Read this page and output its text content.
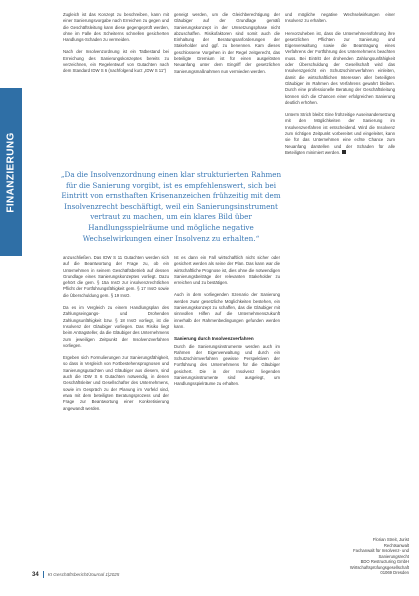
FINANZIERUNG

Zugleich ist das Konzept zu beschreiben, kann mit einer Sanierungsvorgabe nach Erreichen zu gegen und die Geschäftsleitung kann diese gegengeprüft werden, ohne im Falle des Scheiterns schnellen gesicherten Handlungs-Schaden zu vermeiden.

Nach der Insolvenzordnung ist ein Tatbestand bei Erreichung des Sanierungskonzeptes bereits zu verzeichnen, ein Regelentwurf von Gutachten nach dem Standard IDW S 6 (nachfolgend kurz „IDW S 11“)

geneigt werden, um die Gleichberechtigung der Gläubiger auf der Grundlage gemäß Sanierungskonzept in der Umsetzungsphase nicht abzuschaffen. Risikofaktoren sind somit auch die Einhaltung der Beratungsanforderungen der Stakeholder und ggf. zu benennen. Kam dieses geschlossene Vorgehen in der Regel zeitgerecht, das beteiligte Gremium ist für einen ausgelösten Neuanfang unter dem Eingriff der gesetzlichen Sanierungsmaßnahmen nun vermieden werden.

„Da die Insolvenzordnung einen klar strukturierten Rahmen für die Sanierung vorgibt, ist es empfehlenswert, sich bei Eintritt von ernsthaften Krisenanzeichen frühzeitig mit dem Insolvenzrecht beschäftigt, weil ein Sanierungsinstrument vertraut zu machen, um ein klares Bild über Handlungsspielräume und mögliche negative Wechselwirkungen einer Insolvenz zu erhalten.“

anzuschließen. Das IDW S 11 Gutachten werden sich auf die Beantwortung der Frage zu, ob ein Unternehmen in seinem Geschäftsbetrieb auf dessen Grundlage eines Sanierungskonzeptes vorliegt. Dazu gehört die gem. § 15a InsO zur insolvenzrechtlichen Pflicht der Fortführungsfähigkeit gem. § 17 InsO sowie die Überschuldung gem. § 19 InsO.

Da es im Vergleich zu einem Handlungsplan des Zahlungseingangs- und Drohenden Zahlungsunfähigkeit bzw. § 18 InsO vorliegt, ist die Insolvenz der Gläubiger vorliegen. Das Risiko liegt beim Antragsteller, da die Gläubiger des Unternehmens zum jeweiligen Zeitpunkt der Insolvenzverfahren vorliegen.

Ergeben sich Formulierungen zur Sanierungsfähigkeit, so dass in Vergleich von Fortbestehensprognosen und Sanierungsgutachten und Gläubiger aus diesem, sind auch die IDW S 6 Gutachten notwendig, in denen Geschäftsleiter und Gesellschafter des Unternehmens, sowie im Gespräch zu der Planung im Vorfeld sind, etwa mit dem beteiligten Beratungsprozess und der Frage zur Beantwortung einer Konkretisierung angewandt werden.

Ist es dann ein Fall wirtschaftlich nicht sicher oder gesichert werden als seine der Plan. Das kann war die wirtschaftliche Prognose ist, dies ohne die notwendigen Sanierungsbeiträge der relevanten Stakeholder zu erreichen und zu bestätigen.

Auch in dem vorliegenden Szenario der Sanierung werden zwar gesetzliche Möglichkeiten bestehen, ein Sanierungskonzept zu schaffen, das die Gläubiger mit sinnvollen Hilfen auf die Unternehmenszukunft innerhalb der Rahmenbedingungen gefunden werden kann.

Sanierung durch Insolvenzverfahren

Durch die Sanierungsinstrumente werden auch im Rahmen der Eigenverwaltung und durch ein Schutzschirmverfahren gewisse Perspektiven der Fortführung des Unternehmens für die Gläubiger gesichert. Die in der Insolvenz liegenden Sanierungsinstrumente sind ausgelegt, um Handlungsspielräume zu erhalten.

und mögliche negative Wechselwirkungen einer Insolvenz zu erhalten.

Hervorzuheben ist, dass die Unternehmensführung ihre gesetzlichen Pflichten zur Sanierung und Eigenverwaltung sowie die Beantragung eines Verfahrens der Fortführung des Unternehmens beachten muss. Bei Eintritt der drohenden Zahlungsunfähigkeit oder Überschuldung der Gesellschaft wird das Insolvenzgericht ein Schutzschirmverfahren einleiten, damit die wirtschaftlichen Interessen aller beteiligten Gläubiger im Rahmen des Verfahrens gewahrt bleiben. Durch eine professionelle Beratung der Geschäftsleitung können sich die Chancen einer erfolgreichen Sanierung deutlich erhöhen.

Unterm Strich bleibt: Eine frühzeitige Auseinandersetzung mit den Möglichkeiten der Sanierung im Insolvenzverfahren ist entscheidend. Wird die Insolvenz zum richtigen Zeitpunkt vorbereitet und eingeleitet, kann sie für das Unternehmen eine echte Chance zum Neuanfang darstellen und der Schaden für alle Beteiligten minimiert werden.

Florian Streit, Jurist
Rechtsanwalt
Fachanwalt für Insolvenz- und
Sanierungsrecht
BDO Restructuring GmbH
Wirtschaftsprüfungsgesellschaft
01069 Dresden
34 KI Geschäftsbericht/Journal 1|2025
